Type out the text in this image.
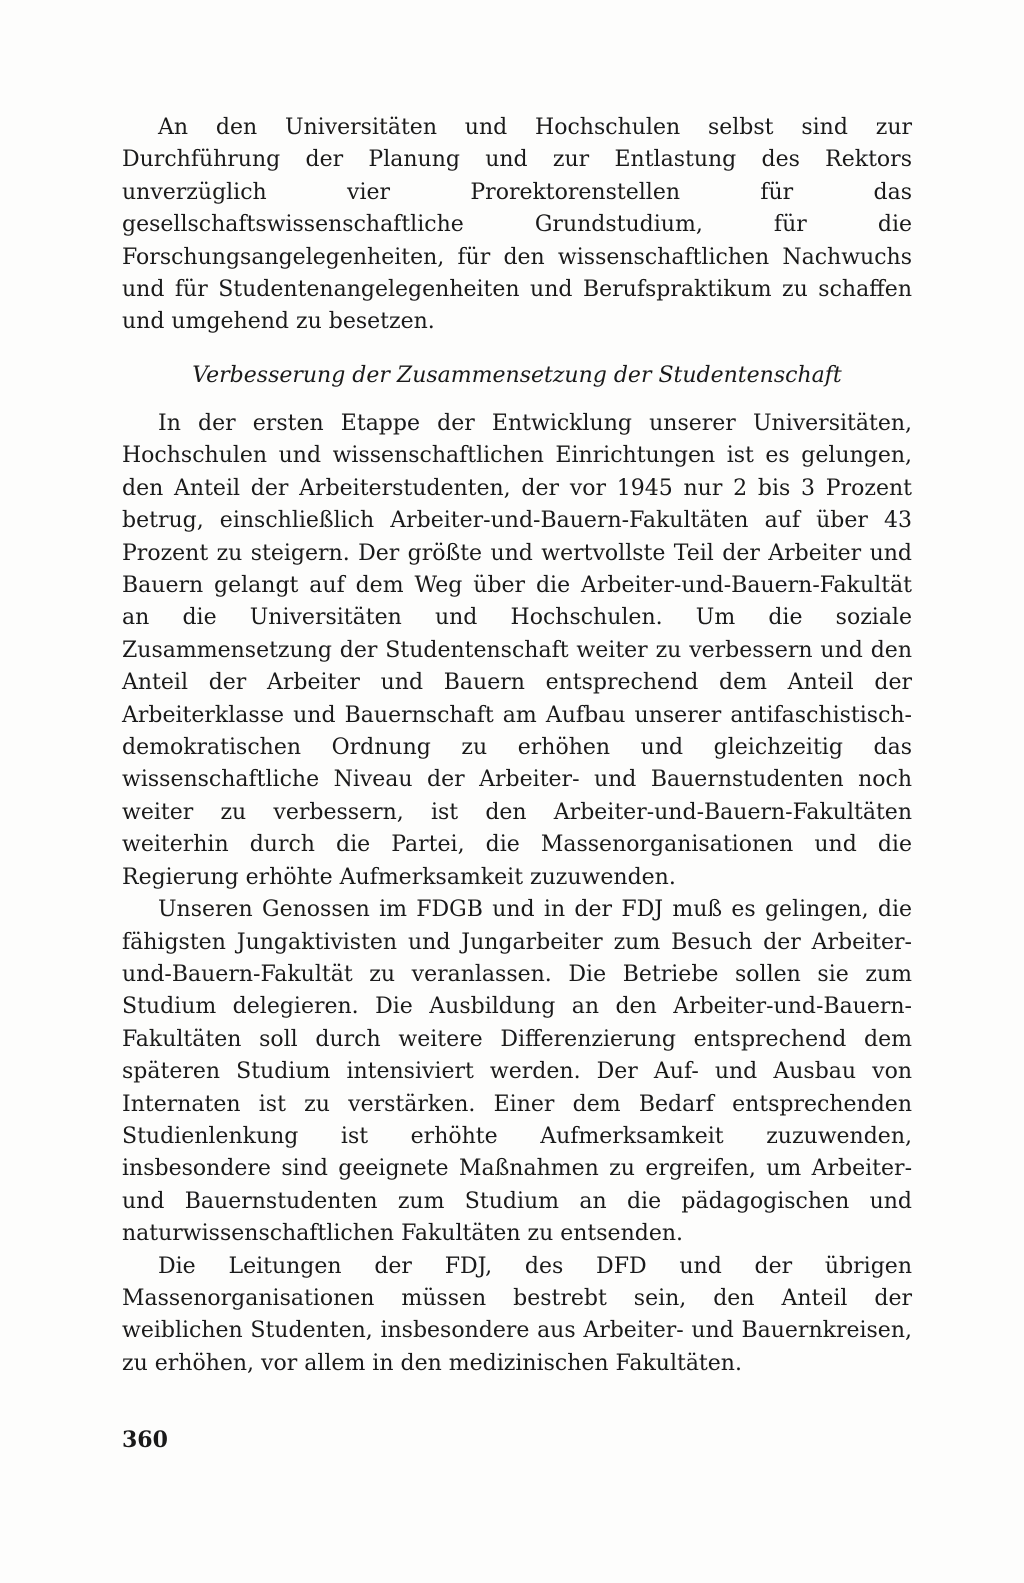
An den Universitäten und Hochschulen selbst sind zur Durchführung der Planung und zur Entlastung des Rektors unverzüglich vier Prorektorenstellen für das gesellschaftswissenschaftliche Grundstudium, für die Forschungsangelegenheiten, für den wissenschaftlichen Nachwuchs und für Studentenangelegenheiten und Berufspraktikum zu schaffen und umgehend zu besetzen.

Verbesserung der Zusammensetzung der Studentenschaft

In der ersten Etappe der Entwicklung unserer Universitäten, Hochschulen und wissenschaftlichen Einrichtungen ist es gelungen, den Anteil der Arbeiterstudenten, der vor 1945 nur 2 bis 3 Prozent betrug, einschließlich Arbeiter-und-Bauern-Fakultäten auf über 43 Prozent zu steigern. Der größte und wertvollste Teil der Arbeiter und Bauern gelangt auf dem Weg über die Arbeiter-und-Bauern-Fakultät an die Universitäten und Hochschulen. Um die soziale Zusammensetzung der Studentenschaft weiter zu verbessern und den Anteil der Arbeiter und Bauern entsprechend dem Anteil der Arbeiterklasse und Bauernschaft am Aufbau unserer antifaschistisch-demokratischen Ordnung zu erhöhen und gleichzeitig das wissenschaftliche Niveau der Arbeiter- und Bauernstudenten noch weiter zu verbessern, ist den Arbeiter-und-Bauern-Fakultäten weiterhin durch die Partei, die Massenorganisationen und die Regierung erhöhte Aufmerksamkeit zuzuwenden.

Unseren Genossen im FDGB und in der FDJ muß es gelingen, die fähigsten Jungaktivisten und Jungarbeiter zum Besuch der Arbeiter-und-Bauern-Fakultät zu veranlassen. Die Betriebe sollen sie zum Studium delegieren. Die Ausbildung an den Arbeiter-und-Bauern-Fakultäten soll durch weitere Differenzierung entsprechend dem späteren Studium intensiviert werden. Der Auf- und Ausbau von Internaten ist zu verstärken. Einer dem Bedarf entsprechenden Studienlenkung ist erhöhte Aufmerksamkeit zuzuwenden, insbesondere sind geeignete Maßnahmen zu ergreifen, um Arbeiter- und Bauernstudenten zum Studium an die pädagogischen und naturwissenschaftlichen Fakultäten zu entsenden.

Die Leitungen der FDJ, des DFD und der übrigen Massenorganisationen müssen bestrebt sein, den Anteil der weiblichen Studenten, insbesondere aus Arbeiter- und Bauernkreisen, zu erhöhen, vor allem in den medizinischen Fakultäten.

360
